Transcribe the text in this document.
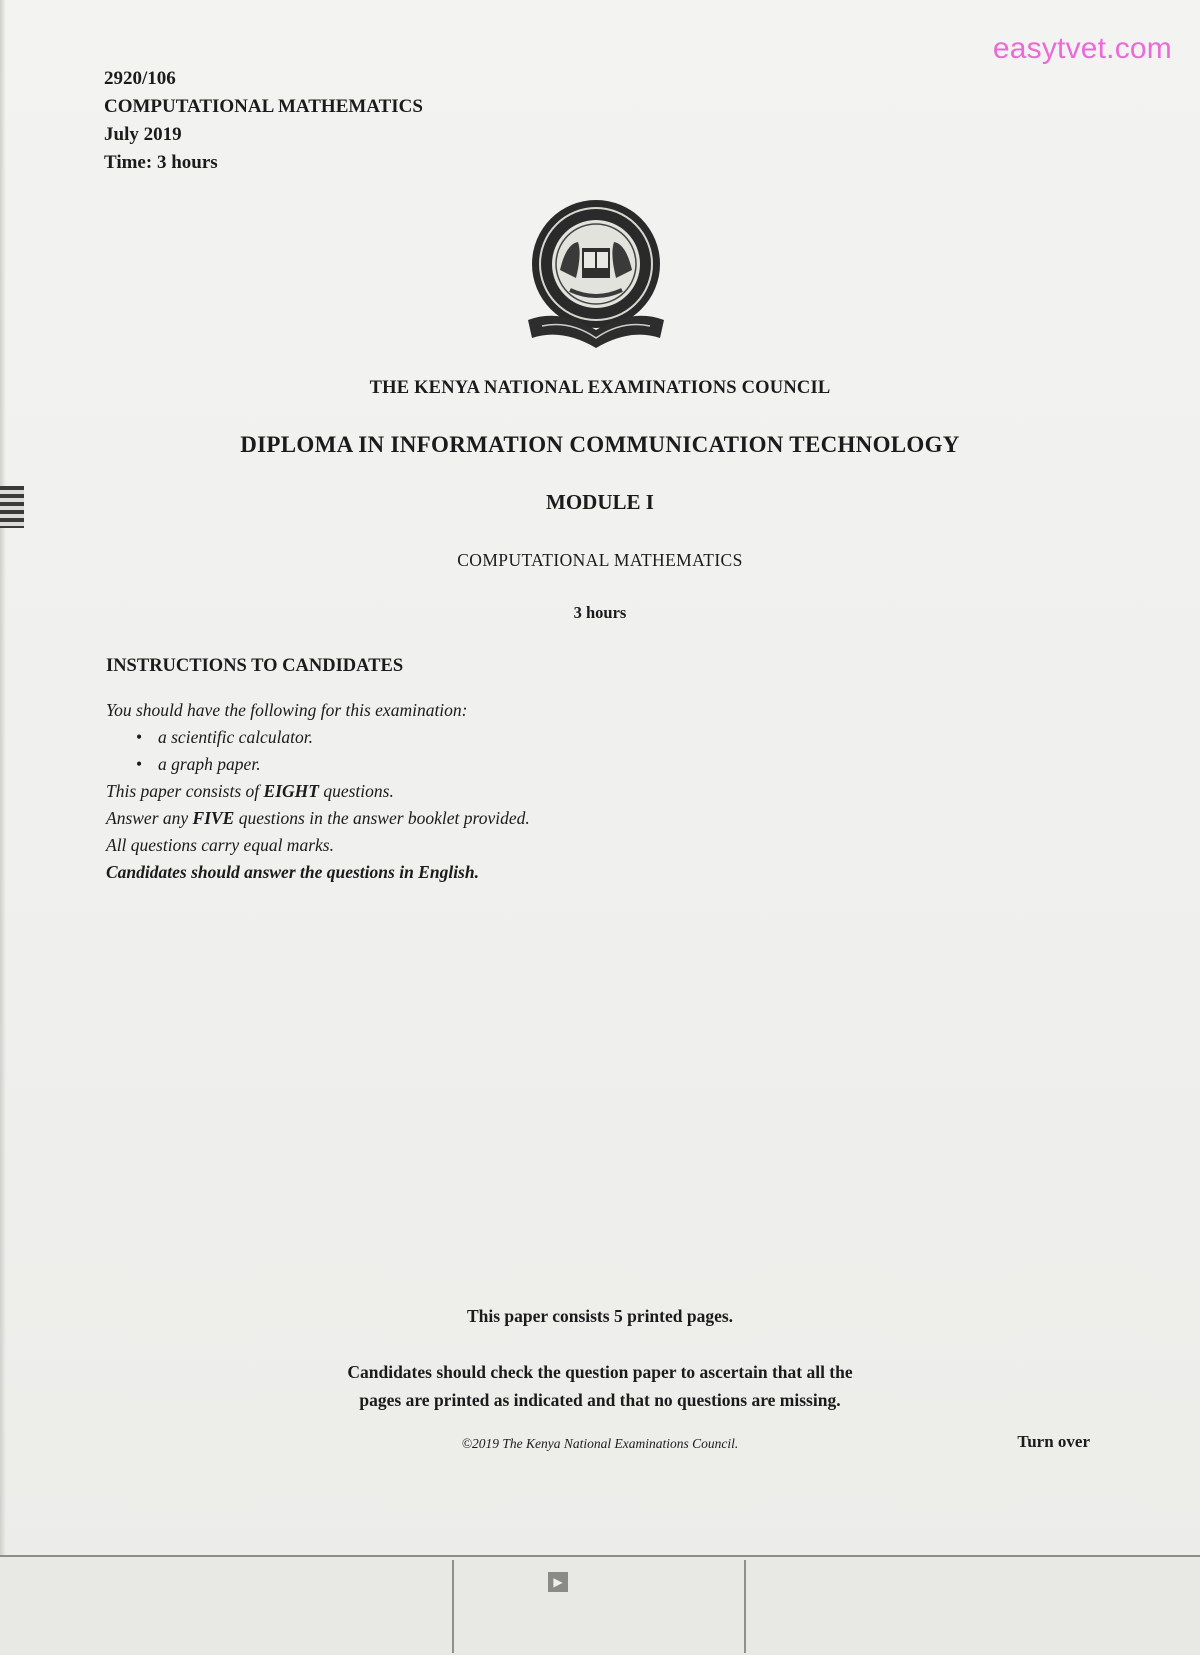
easytvet.com
2920/106
COMPUTATIONAL MATHEMATICS
July 2019
Time: 3 hours
THE KENYA NATIONAL EXAMINATIONS COUNCIL
DIPLOMA IN INFORMATION COMMUNICATION TECHNOLOGY
MODULE I
COMPUTATIONAL MATHEMATICS
3 hours
INSTRUCTIONS TO CANDIDATES
You should have the following for this examination:
• a scientific calculator.
• a graph paper.
This paper consists of EIGHT questions.
Answer any FIVE questions in the answer booklet provided.
All questions carry equal marks.
Candidates should answer the questions in English.
This paper consists 5 printed pages.
Candidates should check the question paper to ascertain that all the
pages are printed as indicated and that no questions are missing.
©2019 The Kenya National Examinations Council.	Turn over
▶
